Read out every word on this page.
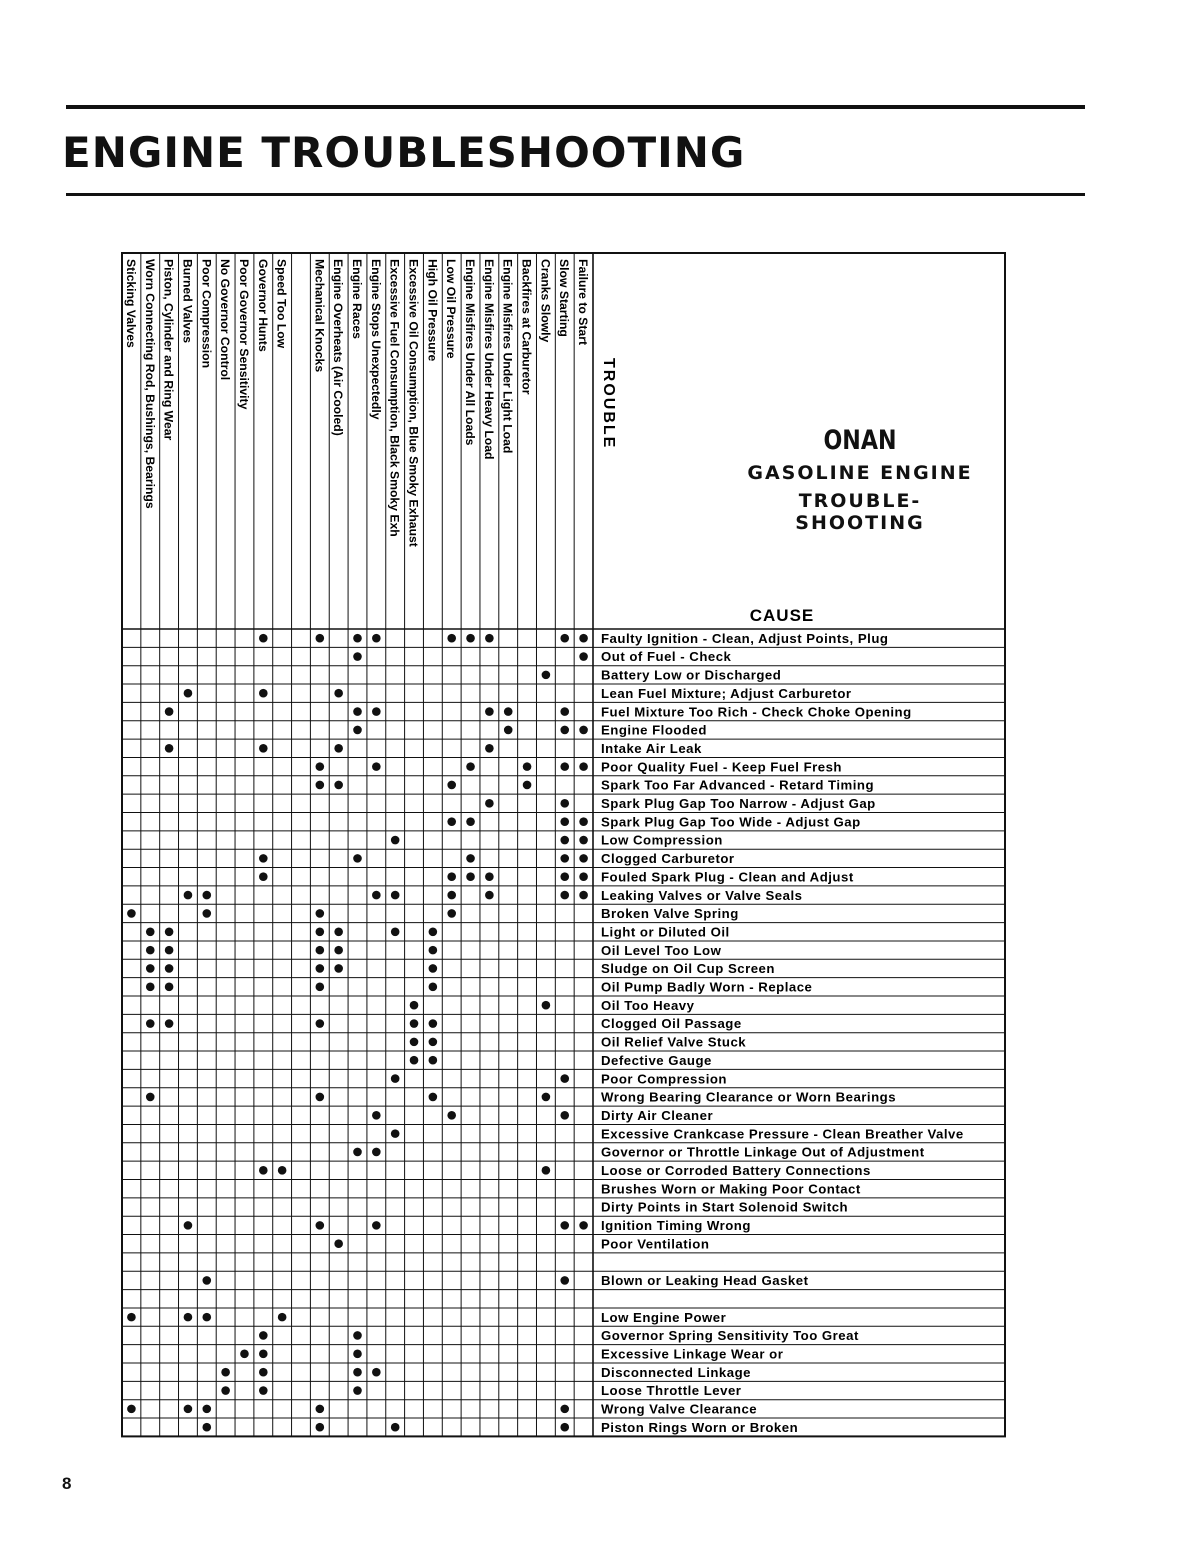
ENGINE TROUBLESHOOTING
Failure to Start
Slow Starting
Cranks Slowly
Backfires at Carburetor
Engine Misfires Under Light Load
Engine Misfires Under Heavy Load
Engine Misfires Under All Loads
Low Oil Pressure
High Oil Pressure
Excessive Oil Consumption, Blue Smoky Exhaust
Excessive Fuel Consumption, Black Smoky Exh
Engine Stops Unexpectedly
Engine Races
Engine Overheats (Air Cooled)
Mechanical Knocks
Speed Too Low
Governor Hunts
Poor Governor Sensitivity
No Governor Control
Poor Compression
Burned Valves
Piston, Cylinder and Ring Wear
Worn Connecting Rod, Bushings, Bearings
Sticking Valves
Faulty Ignition - Clean, Adjust Points, Plug
Out of Fuel - Check
Battery Low or Discharged
Lean Fuel Mixture; Adjust Carburetor
Fuel Mixture Too Rich - Check Choke Opening
Engine Flooded
Intake Air Leak
Poor Quality Fuel - Keep Fuel Fresh
Spark Too Far Advanced - Retard Timing
Spark Plug Gap Too Narrow - Adjust Gap
Spark Plug Gap Too Wide - Adjust Gap
Low Compression
Clogged Carburetor
Fouled Spark Plug - Clean and Adjust
Leaking Valves or Valve Seals
Broken Valve Spring
Light or Diluted Oil
Oil Level Too Low
Sludge on Oil Cup Screen
Oil Pump Badly Worn - Replace
Oil Too Heavy
Clogged Oil Passage
Oil Relief Valve Stuck
Defective Gauge
Poor Compression
Wrong Bearing Clearance or Worn Bearings
Dirty Air Cleaner
Excessive Crankcase Pressure - Clean Breather Valve
Governor or Throttle Linkage Out of Adjustment
Loose or Corroded Battery Connections
Brushes Worn or Making Poor Contact
Dirty Points in Start Solenoid Switch
Ignition Timing Wrong
Poor Ventilation
Blown or Leaking Head Gasket
Low Engine Power
Governor Spring Sensitivity Too Great
Excessive Linkage Wear or
Disconnected Linkage
Loose Throttle Lever
Wrong Valve Clearance
Piston Rings Worn or Broken
TROUBLE
CAUSE
ONAN
GASOLINE ENGINE
TROUBLE-SHOOTING
8
